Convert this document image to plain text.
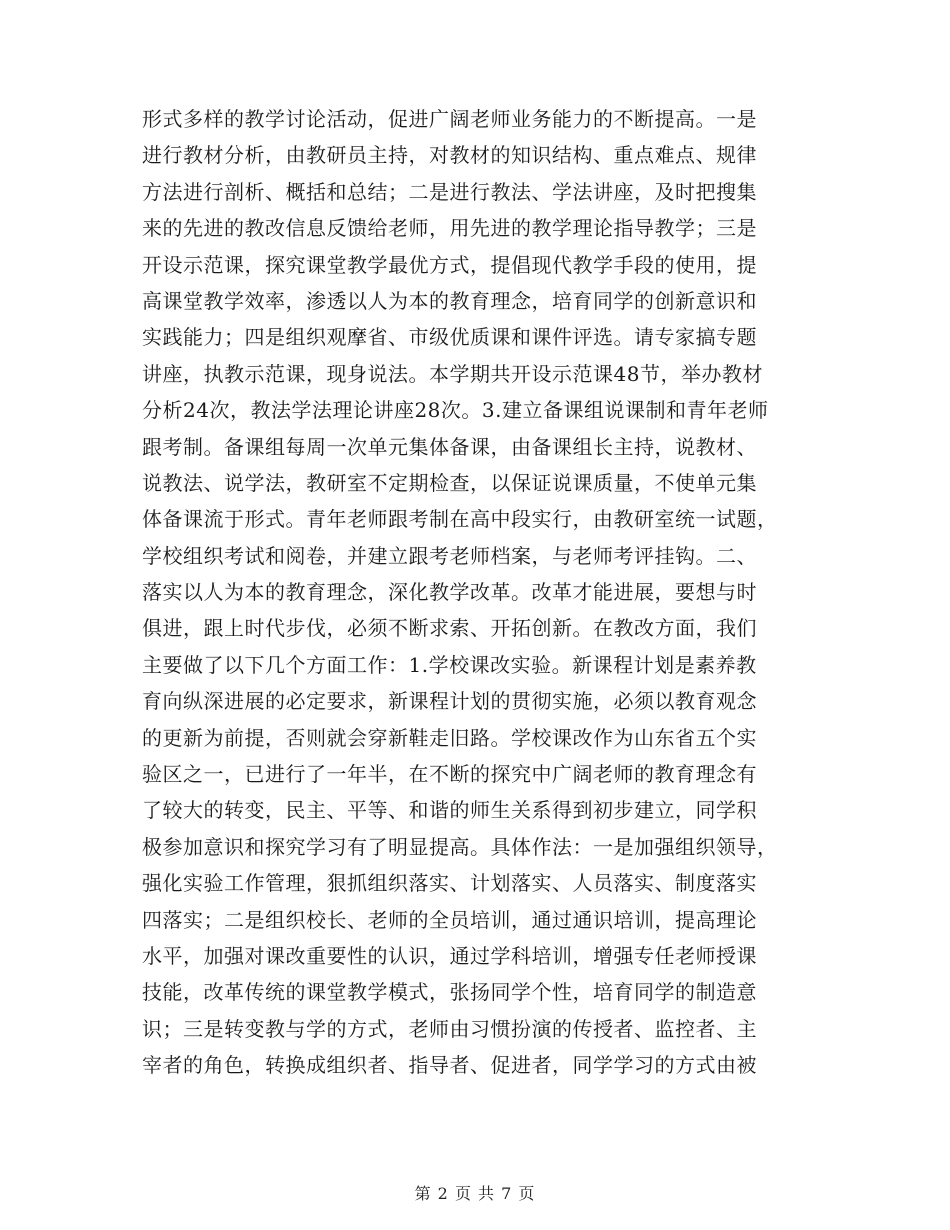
形式多样的教学讨论活动，促进广阔老师业务能力的不断提高。一是
进行教材分析，由教研员主持，对教材的知识结构、重点难点、规律
方法进行剖析、概括和总结；二是进行教法、学法讲座，及时把搜集
来的先进的教改信息反馈给老师，用先进的教学理论指导教学；三是
开设示范课，探究课堂教学最优方式，提倡现代教学手段的使用，提
高课堂教学效率，渗透以人为本的教育理念，培育同学的创新意识和
实践能力；四是组织观摩省、市级优质课和课件评选。请专家搞专题
讲座，执教示范课，现身说法。本学期共开设示范课48节，举办教材
分析24次，教法学法理论讲座28次。3.建立备课组说课制和青年老师
跟考制。备课组每周一次单元集体备课，由备课组长主持，说教材、
说教法、说学法，教研室不定期检查，以保证说课质量，不使单元集
体备课流于形式。青年老师跟考制在高中段实行，由教研室统一试题，
学校组织考试和阅卷，并建立跟考老师档案，与老师考评挂钩。二、
落实以人为本的教育理念，深化教学改革。改革才能进展，要想与时
俱进，跟上时代步伐，必须不断求索、开拓创新。在教改方面，我们
主要做了以下几个方面工作：1.学校课改实验。新课程计划是素养教
育向纵深进展的必定要求，新课程计划的贯彻实施，必须以教育观念
的更新为前提，否则就会穿新鞋走旧路。学校课改作为山东省五个实
验区之一，已进行了一年半，在不断的探究中广阔老师的教育理念有
了较大的转变，民主、平等、和谐的师生关系得到初步建立，同学积
极参加意识和探究学习有了明显提高。具体作法：一是加强组织领导，
强化实验工作管理，狠抓组织落实、计划落实、人员落实、制度落实
四落实；二是组织校长、老师的全员培训，通过通识培训，提高理论
水平，加强对课改重要性的认识，通过学科培训，增强专任老师授课
技能，改革传统的课堂教学模式，张扬同学个性，培育同学的制造意
识；三是转变教与学的方式，老师由习惯扮演的传授者、监控者、主
宰者的角色，转换成组织者、指导者、促进者，同学学习的方式由被
第 2 页 共 7 页
